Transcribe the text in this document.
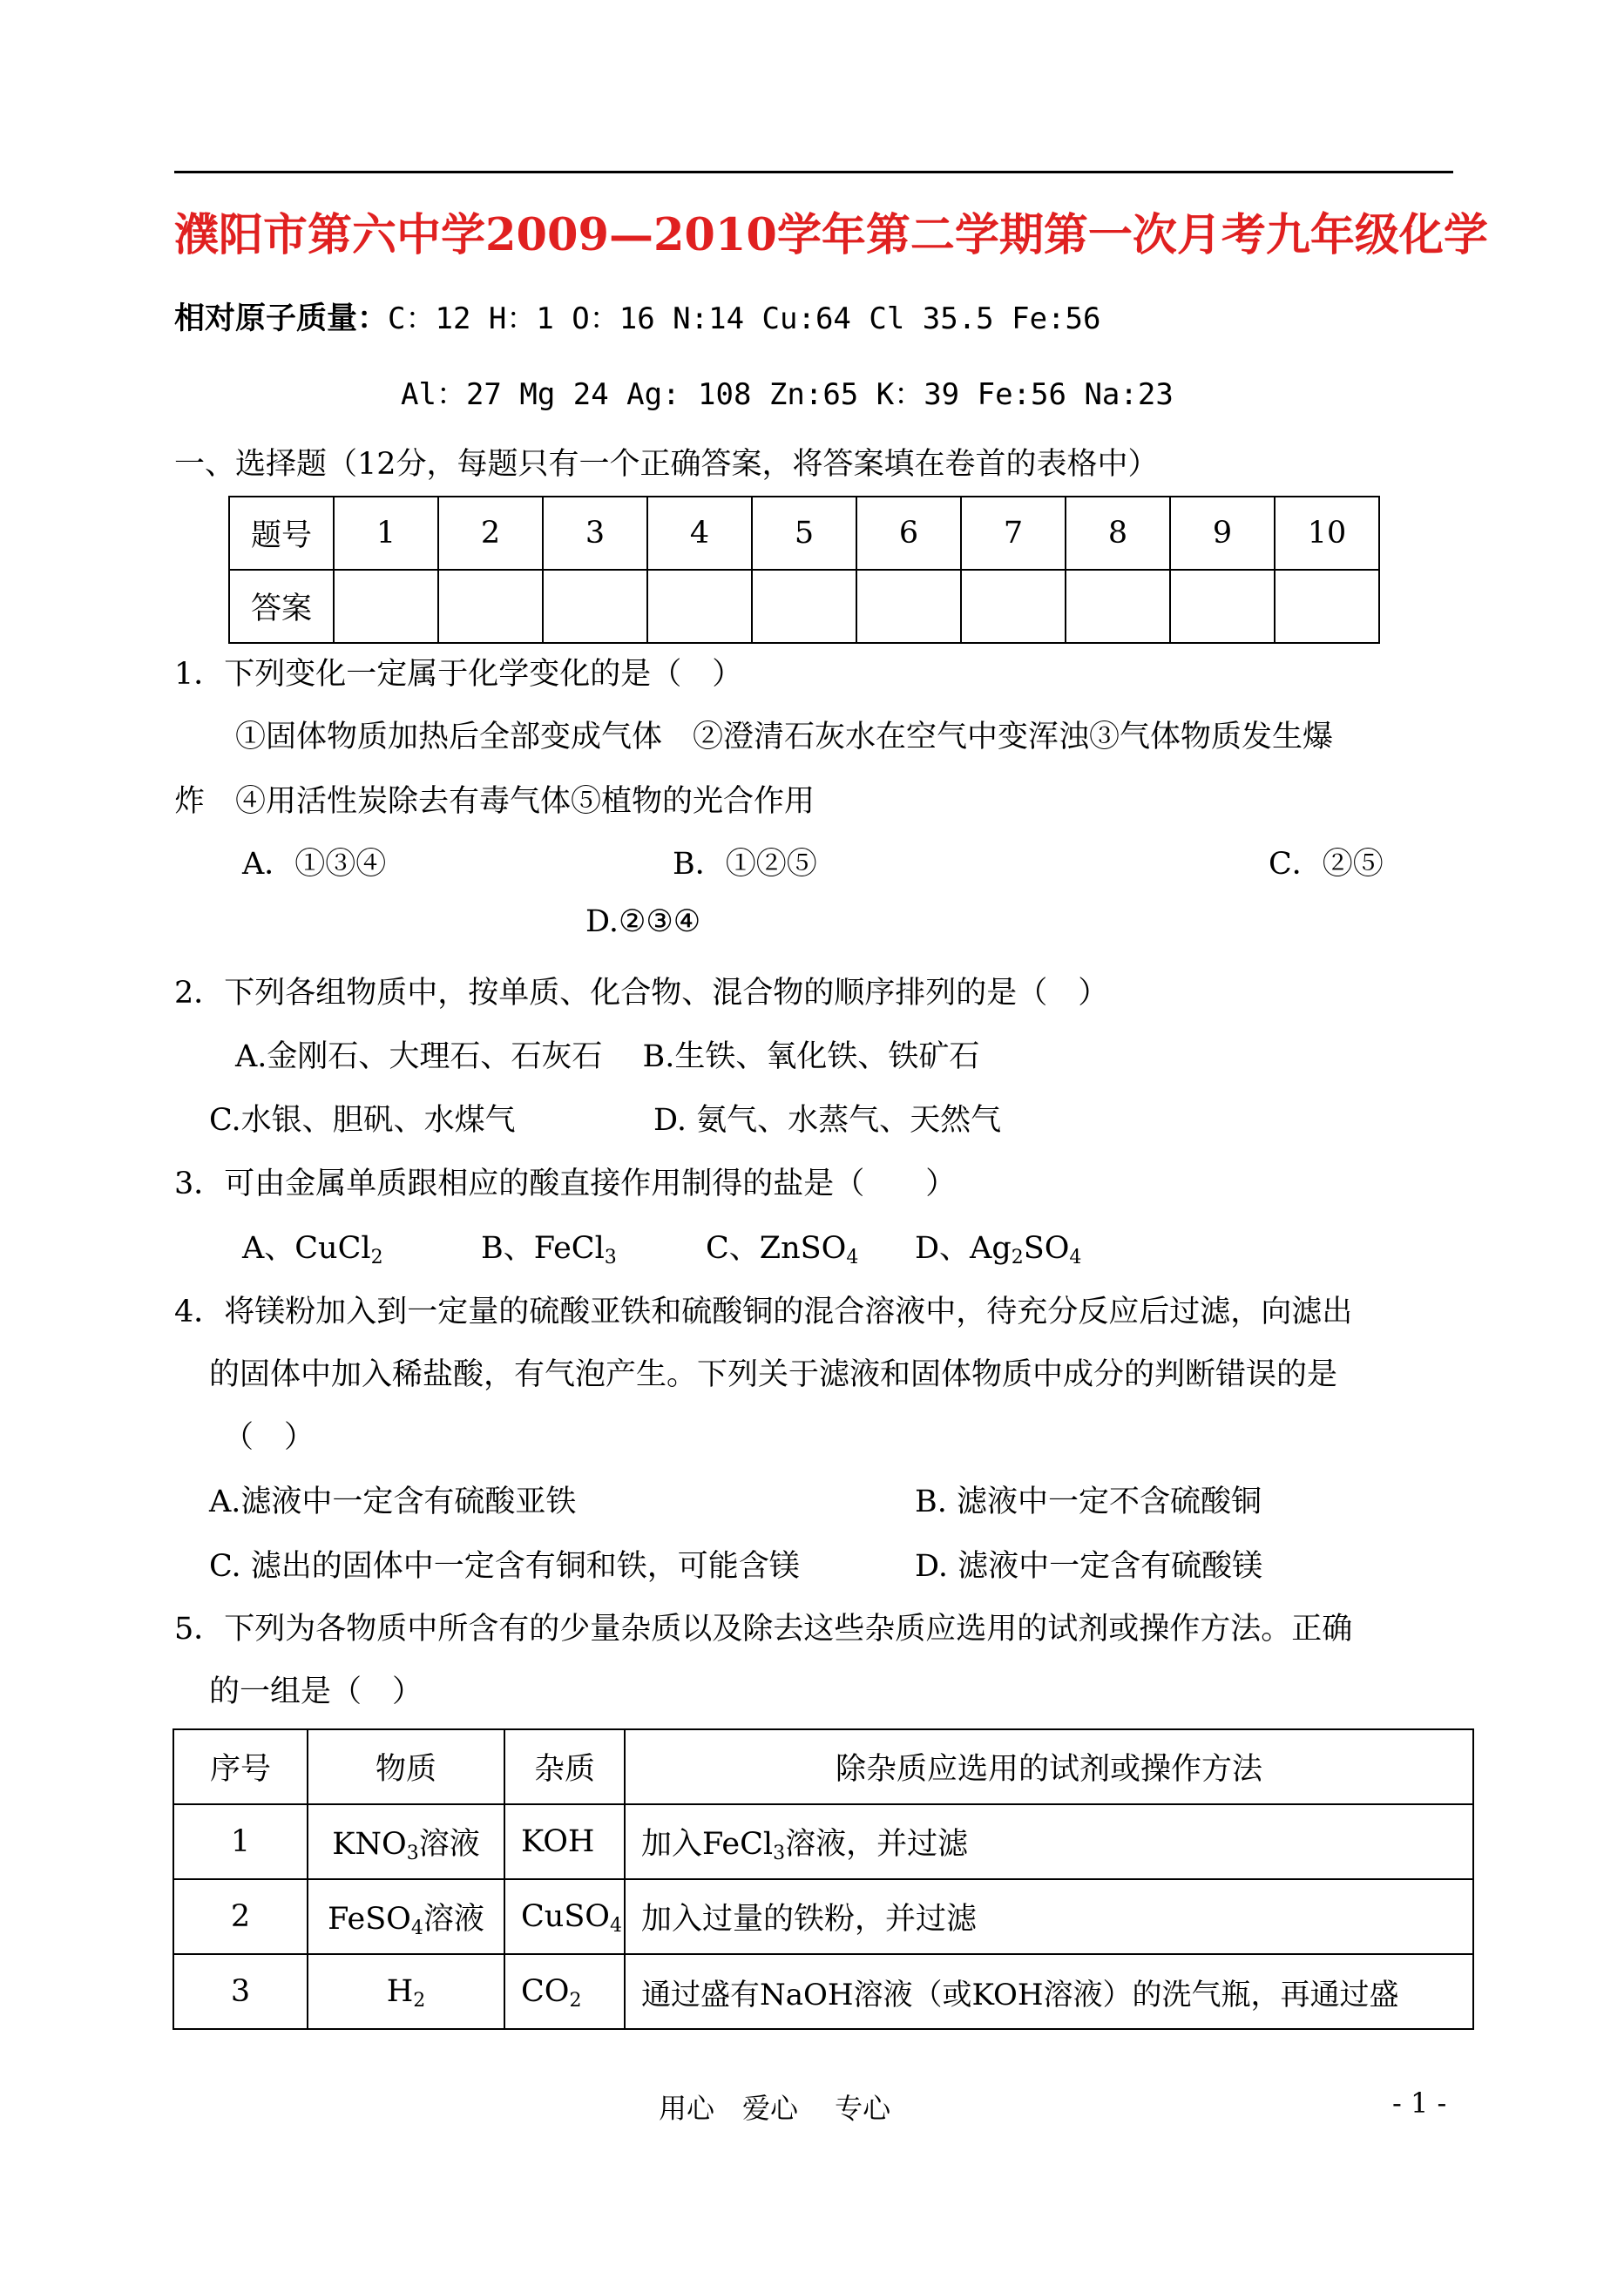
濮阳市第六中学2009—2010学年第二学期第一次月考九年级化学
相对原子质量：C：12 H：1 O：16 N:14 Cu:64 Cl 35.5 Fe:56
Al：27 Mg 24 Ag: 108 Zn:65 K：39 Fe:56 Na:23
一、选择题（12分，每题只有一个正确答案，将答案填在卷首的表格中）
题号	1	2	3	4	5	6	7	8	9	10
答案										
1．下列变化一定属于化学变化的是（　）
①固体物质加热后全部变成气体　②澄清石灰水在空气中变浑浊③气体物质发生爆
炸　④用活性炭除去有毒气体⑤植物的光合作用
A．①③④	B．①②⑤	C．②⑤
D.②③④
2．下列各组物质中，按单质、化合物、混合物的顺序排列的是（　）
A.金刚石、大理石、石灰石　 B.生铁、氧化铁、铁矿石
C.水银、胆矾、水煤气	D. 氨气、水蒸气、天然气
3．可由金属单质跟相应的酸直接作用制得的盐是（　　）
A、CuCl$_2$	B、FeCl$_3$	C、ZnSO$_4$ D、$Ag_2SO_4$
4．将镁粉加入到一定量的硫酸亚铁和硫酸铜的混合溶液中，待充分反应后过滤，向滤出
的固体中加入稀盐酸，有气泡产生。下列关于滤液和固体物质中成分的判断错误的是
（　）
A.滤液中一定含有硫酸亚铁	B. 滤液中一定不含硫酸铜
C. 滤出的固体中一定含有铜和铁，可能含镁	D. 滤液中一定含有硫酸镁
5．下列为各物质中所含有的少量杂质以及除去这些杂质应选用的试剂或操作方法。正确
的一组是（　）
序号	物质	杂质	除杂质应选用的试剂或操作方法
1	$KNO_3$溶液	KOH	加入FeCl$_3$溶液，并过滤
2	FeSO$_4$溶液	CuSO$_4$	加入过量的铁粉，并过滤
3	$H_2$	$CO_2$	通过盛有NaOH溶液（或KOH溶液）的洗气瓶，再通过盛
用心　爱心　 专心	- 1 -
